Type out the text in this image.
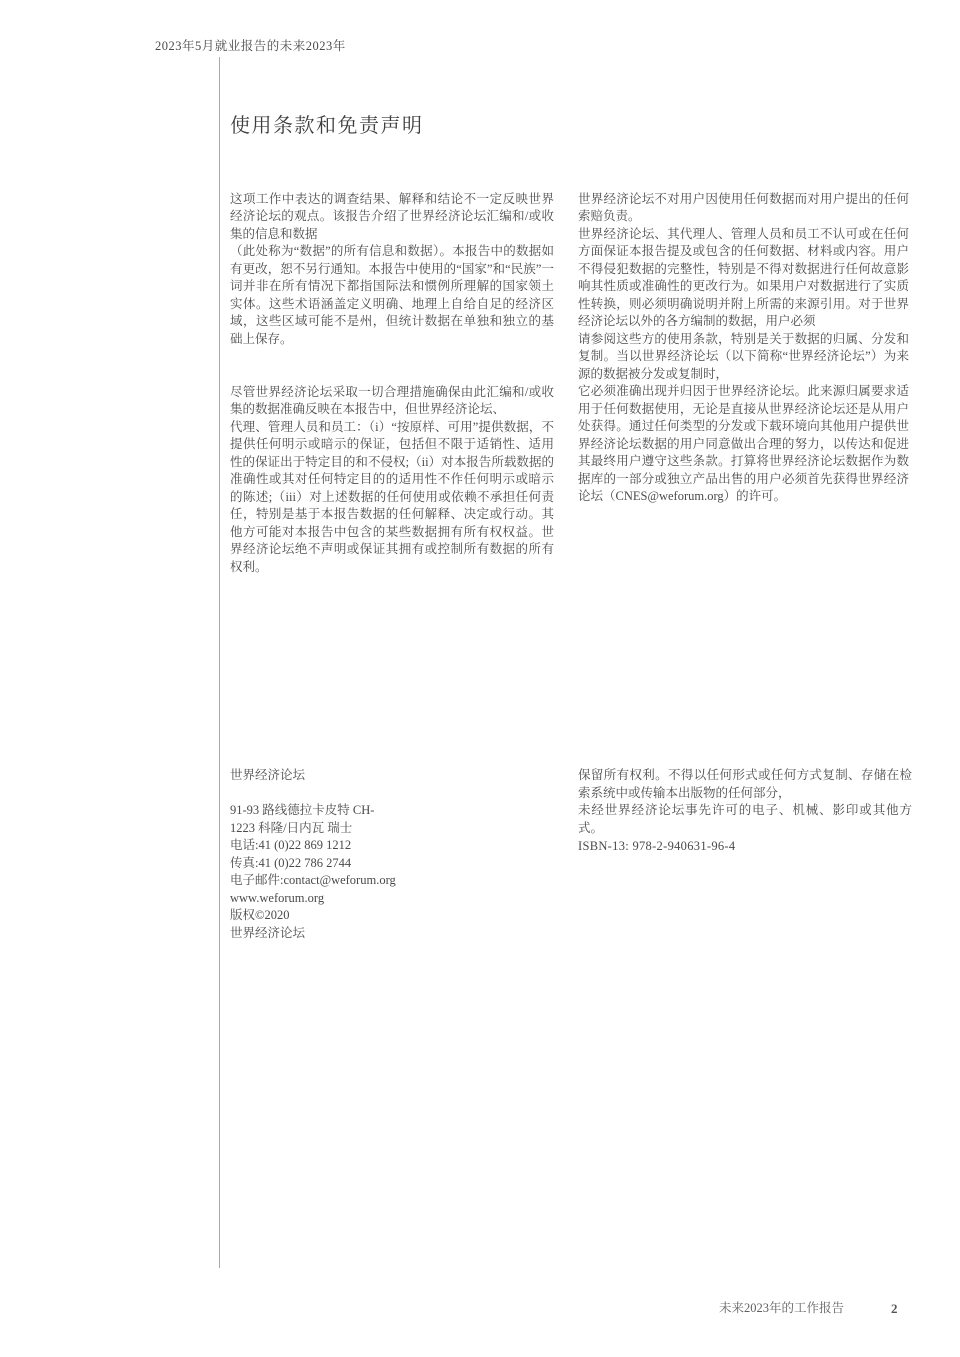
2023年5月就业报告的未来2023年
使用条款和免责声明

这项工作中表达的调查结果、解释和结论不一定反映世界经济论坛的观点。该报告介绍了世界经济论坛汇编和/或收集的信息和数据
（此处称为“数据”的所有信息和数据）。本报告中的数据如有更改，恕不另行通知。本报告中使用的“国家”和“民族”一词并非在所有情况下都指国际法和惯例所理解的国家领土实体。这些术语涵盖定义明确、地理上自给自足的经济区域，这些区域可能不是州，但统计数据在单独和独立的基础上保存。

尽管世界经济论坛采取一切合理措施确保由此汇编和/或收集的数据准确反映在本报告中，但世界经济论坛、
代理、管理人员和员工：（i）“按原样、可用”提供数据，不提供任何明示或暗示的保证，包括但不限于适销性、适用性的保证出于特定目的和不侵权;（ii）对本报告所载数据的准确性或其对任何特定目的的适用性不作任何明示或暗示的陈述;（iii）对上述数据的任何使用或依赖不承担任何责任，特别是基于本报告数据的任何解释、决定或行动。其他方可能对本报告中包含的某些数据拥有所有权权益。世界经济论坛绝不声明或保证其拥有或控制所有数据的所有权利。

世界经济论坛不对用户因使用任何数据而对用户提出的任何索赔负责。
世界经济论坛、其代理人、管理人员和员工不认可或在任何方面保证本报告提及或包含的任何数据、材料或内容。用户不得侵犯数据的完整性，特别是不得对数据进行任何故意影响其性质或准确性的更改行为。如果用户对数据进行了实质性转换，则必须明确说明并附上所需的来源引用。对于世界经济论坛以外的各方编制的数据，用户必须
请参阅这些方的使用条款，特别是关于数据的归属、分发和复制。当以世界经济论坛（以下简称“世界经济论坛”）为来源的数据被分发或复制时，
它必须准确出现并归因于世界经济论坛。此来源归属要求适用于任何数据使用，无论是直接从世界经济论坛还是从用户处获得。通过任何类型的分发或下载环境向其他用户提供世界经济论坛数据的用户同意做出合理的努力，以传达和促进其最终用户遵守这些条款。打算将世界经济论坛数据作为数据库的一部分或独立产品出售的用户必须首先获得世界经济论坛（CNES@weforum.org）的许可。

世界经济论坛

91-93 路线德拉卡皮特 CH-
1223 科隆/日内瓦 瑞士
电话:41 (0)22 869 1212
传真:41 (0)22 786 2744
电子邮件:contact@weforum.org
www.weforum.org
版权©2020
世界经济论坛
保留所有权利。不得以任何形式或任何方式复制、存储在检索系统中或传输本出版物的任何部分，
未经世界经济论坛事先许可的电子、机械、影印或其他方式。
ISBN-13: 978-2-940631-96-4
未来2023年的工作报告	2
